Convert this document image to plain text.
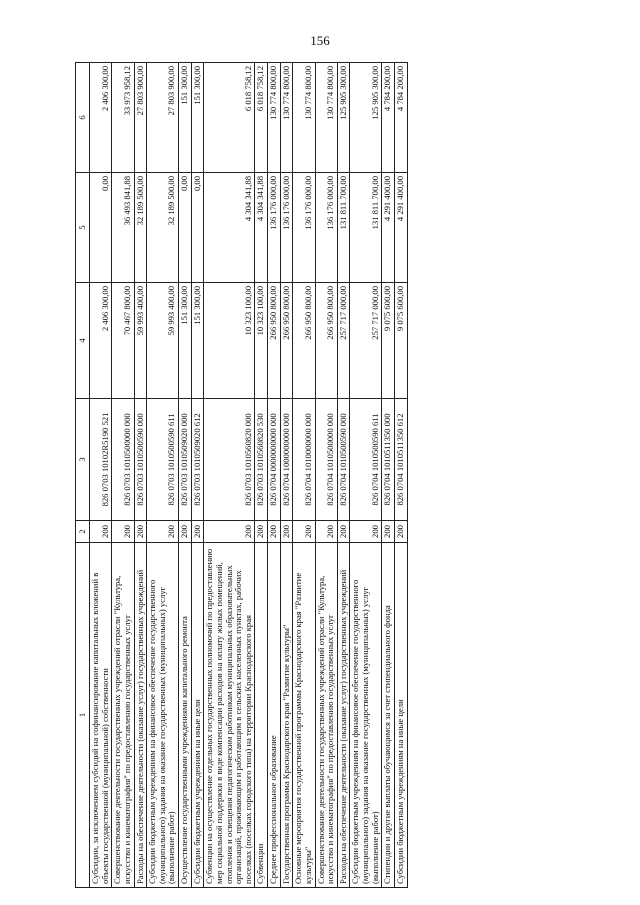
156
1	2	3	4	5	6
Субсидии, за исключением субсидий на софинансирование капитальных вложений в объекты государственной (муниципальной) собственности	200	826 0703 10102R5190 521	2 406 300,00	0,00	2 406 300,00
Совершенствование деятельности государственных учреждений отрасли "Культура, искусство и кинематография" по предоставлению государственных услуг	200	826 0703 1010500000 000	70 467 800,00	36 493 841,88	33 973 958,12
Расходы на обеспечение деятельности (оказание услуг) государственных учреждений	200	826 0703 1010500590 000	59 993 400,00	32 189 500,00	27 803 900,00
Субсидии бюджетным учреждениям на финансовое обеспечение государственного (муниципального) задания на оказание государственных (муниципальных) услуг (выполнение работ)	200	826 0703 1010500590 611	59 993 400,00	32 189 500,00	27 803 900,00
Осуществление государственными учреждениями капитального ремонта	200	826 0703 1010509020 000	151 300,00	0,00	151 300,00
Субсидии бюджетным учреждениям на иные цели	200	826 0703 1010509020 612	151 300,00	0,00	151 300,00
Субвенции на осуществление отдельных государственных полномочий по предоставлению мер социальной поддержки в виде компенсации расходов на оплату жилых помещений, отопления и освещения педагогическим работникам муниципальных образовательных организаций, проживающим и работающим в сельских населенных пунктах, рабочих поселках (поселках городского типа) на территории Краснодарского края	200	826 0703 1010560820 000	10 323 100,00	4 304 341,88	6 018 758,12
Субвенции	200	826 0703 1010560820 530	10 323 100,00	4 304 341,88	6 018 758,12
Среднее профессиональное образование	200	826 0704 0000000000 000	266 950 800,00	136 176 000,00	130 774 800,00
Государственная программа Краснодарского края "Развитие культуры"	200	826 0704 1000000000 000	266 950 800,00	136 176 000,00	130 774 800,00
Основные мероприятия государственной программы Краснодарского края "Развитие культуры"	200	826 0704 1010000000 000	266 950 800,00	136 176 000,00	130 774 800,00
Совершенствование деятельности государственных учреждений отрасли "Культура, искусство и кинематография" по предоставлению государственных услуг	200	826 0704 1010500000 000	266 950 800,00	136 176 000,00	130 774 800,00
Расходы на обеспечение деятельности (оказание услуг) государственных учреждений	200	826 0704 1010500590 000	257 717 000,00	131 811 700,00	125 905 300,00
Субсидии бюджетным учреждениям на финансовое обеспечение государственного (муниципального) задания на оказание государственных (муниципальных) услуг (выполнение работ)	200	826 0704 1010500590 611	257 717 000,00	131 811 700,00	125 905 300,00
Стипендии и другие выплаты обучающимся за счет стипендиального фонда	200	826 0704 1010511350 000	9 075 600,00	4 291 400,00	4 784 200,00
Субсидии бюджетным учреждениям на иные цели	200	826 0704 1010511350 612	9 075 600,00	4 291 400,00	4 784 200,00
